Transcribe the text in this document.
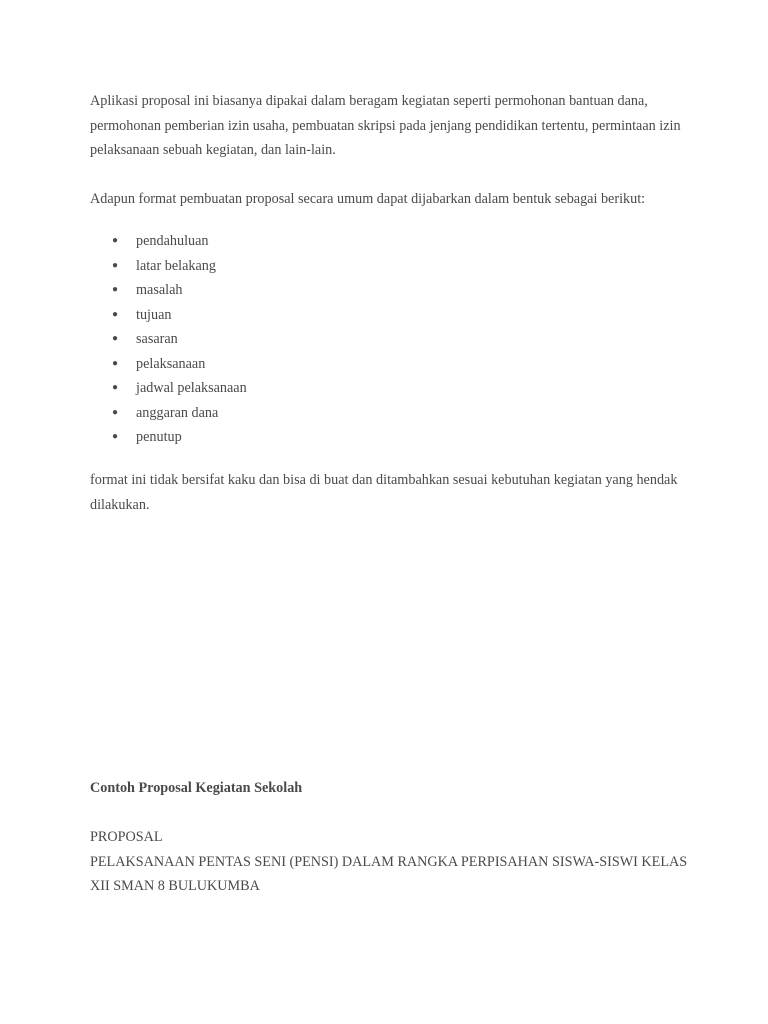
Aplikasi proposal ini biasanya dipakai dalam beragam kegiatan seperti permohonan bantuan dana, permohonan pemberian izin usaha, pembuatan skripsi pada jenjang pendidikan tertentu, permintaan izin pelaksanaan sebuah kegiatan, dan lain-lain.

Adapun format pembuatan proposal secara umum dapat dijabarkan dalam bentuk sebagai berikut:

● pendahuluan
● latar belakang
● masalah
● tujuan
● sasaran
● pelaksanaan
● jadwal pelaksanaan
● anggaran dana
● penutup

format ini tidak bersifat kaku dan bisa di buat dan ditambahkan sesuai kebutuhan kegiatan yang hendak dilakukan.

Contoh Proposal Kegiatan Sekolah

PROPOSAL
PELAKSANAAN PENTAS SENI (PENSI) DALAM RANGKA PERPISAHAN SISWA-SISWI KELAS XII SMAN 8 BULUKUMBA
